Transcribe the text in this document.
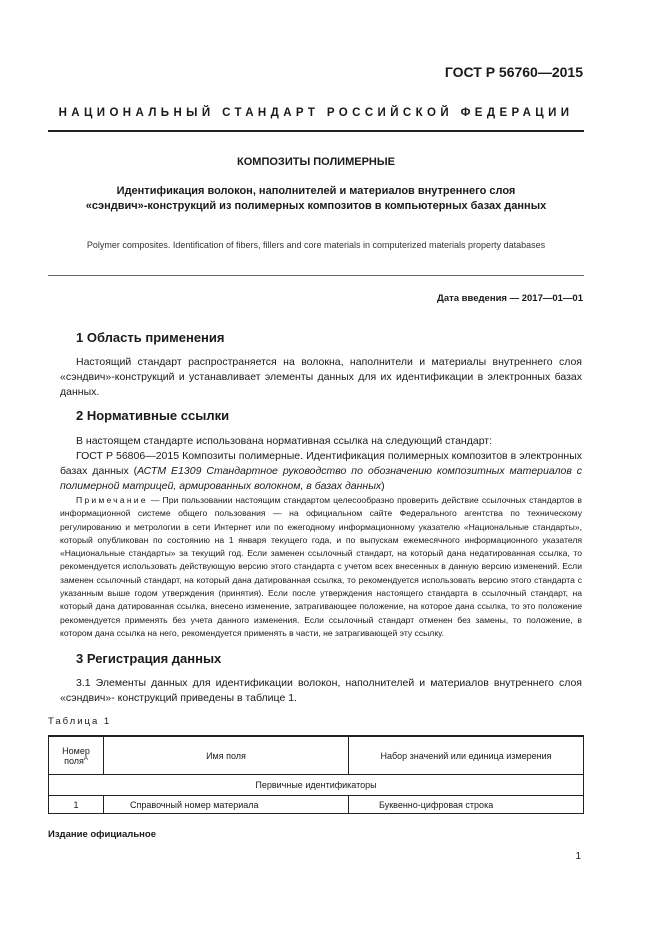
ГОСТ Р 56760—2015
НАЦИОНАЛЬНЫЙ СТАНДАРТ РОССИЙСКОЙ ФЕДЕРАЦИИ
КОМПОЗИТЫ ПОЛИМЕРНЫЕ
Идентификация волокон, наполнителей и материалов внутреннего слоя
«сэндвич»-конструкций из полимерных композитов в компьютерных базах данных
Polymer composites. Identification of fibers, fillers and core materials in computerized materials property databases
Дата введения — 2017—01—01
1 Область применения
Настоящий стандарт распространяется на волокна, наполнители и материалы внутреннего слоя «сэндвич»-конструкций и устанавливает элементы данных для их идентификации в электронных базах данных.
2 Нормативные ссылки
В настоящем стандарте использована нормативная ссылка на следующий стандарт:
ГОСТ Р 56806—2015 Композиты полимерные. Идентификация полимерных композитов в электронных базах данных (АСТМ Е1309 Стандартное руководство по обозначению композитных материалов с полимерной матрицей, армированных волокном, в базах данных)
Примечание — При пользовании настоящим стандартом целесообразно проверить действие ссылочных стандартов в информационной системе общего пользования — на официальном сайте Федерального агентства по техническому регулированию и метрологии в сети Интернет или по ежегодному информационному указателю «Национальные стандарты», который опубликован по состоянию на 1 января текущего года, и по выпускам ежемесячного информационного указателя «Национальные стандарты» за текущий год. Если заменен ссылочный стандарт, на который дана недатированная ссылка, то рекомендуется использовать действующую версию этого стандарта с учетом всех внесенных в данную версию изменений. Если заменен ссылочный стандарт, на который дана датированная ссылка, то рекомендуется использовать версию этого стандарта с указанным выше годом утверждения (принятия). Если после утверждения настоящего стандарта в ссылочный стандарт, на который дана датированная ссылка, внесено изменение, затрагивающее положение, на которое дана ссылка, то это положение рекомендуется применять без учета данного изменения. Если ссылочный стандарт отменен без замены, то положение, в котором дана ссылка на него, рекомендуется применять в части, не затрагивающей эту ссылку.
3 Регистрация данных
3.1 Элементы данных для идентификации волокон, наполнителей и материалов внутреннего слоя «сэндвич»- конструкций приведены в таблице 1.
Таблица 1
Номер
поля$^А$	Имя поля	Набор значений или единица измерения
Первичные идентификаторы		
1	Справочный номер материала	Буквенно-цифровая строка
Издание официальное
1
